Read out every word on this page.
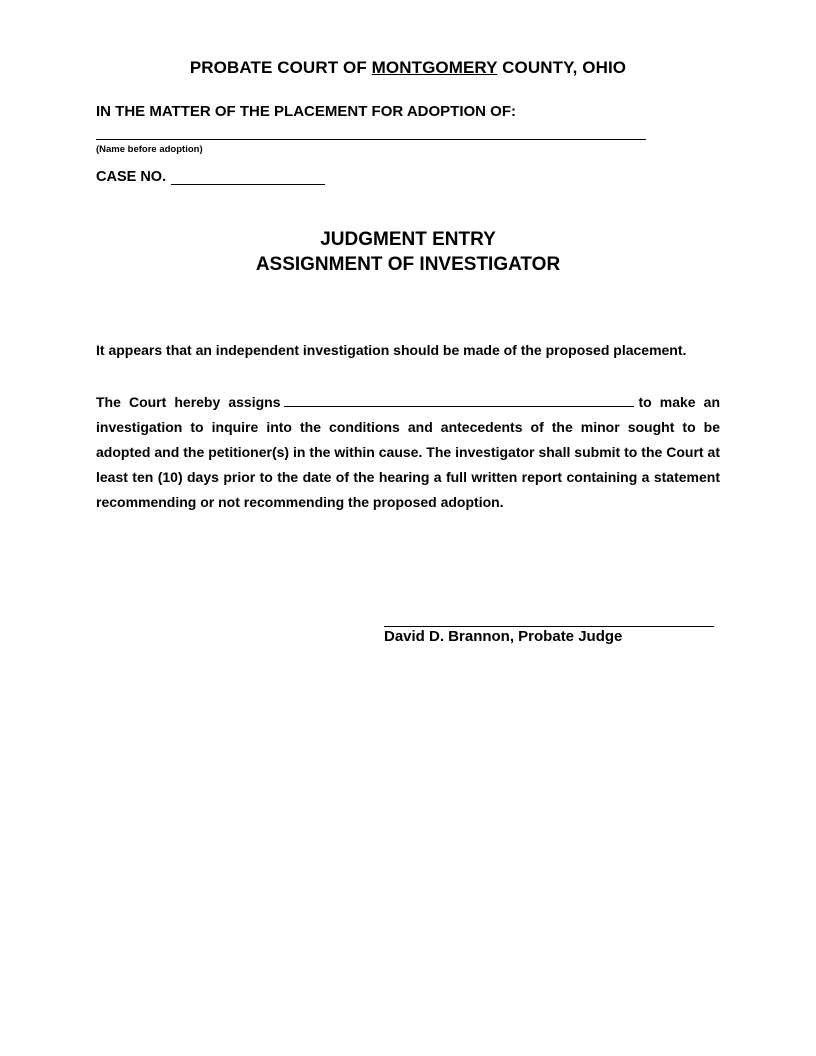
PROBATE COURT OF MONTGOMERY COUNTY, OHIO
IN THE MATTER OF THE PLACEMENT FOR ADOPTION OF:
(Name before adoption)
CASE NO.
JUDGMENT ENTRY
ASSIGNMENT OF INVESTIGATOR
It appears that an independent investigation should be made of the proposed placement.
The Court hereby assigns	to make an investigation to inquire into the conditions and antecedents of the minor sought to be adopted and the petitioner(s) in the within cause. The investigator shall submit to the Court at least ten (10) days prior to the date of the hearing a full written report containing a statement recommending or not recommending the proposed adoption.
David D. Brannon, Probate Judge
